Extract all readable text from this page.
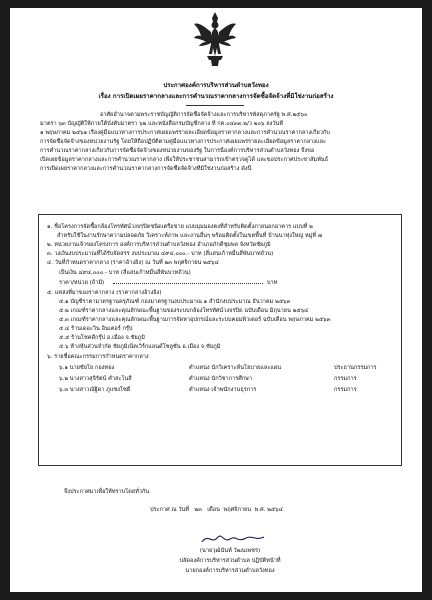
ประกาศองค์การบริหารส่วนตำบลวังทอง
เรื่อง การเปิดเผยราคากลางและการคำนวณราคากลางการจัดซื้อจัดจ้างที่มิใช่งานก่อสร้าง

อาศัยอำนาจตามพระราชบัญญัติการจัดซื้อจัดจ้างและการบริหารพัสดุภาครัฐ พ.ศ.๒๕๖๐

มาตรา ๖๓ บัญญัติให้ภายใต้บังคับมาตรา ๖๒ และหนังสือกรมบัญชีกลาง ที่ กค.๐๔๓๓.๒/ว ๒๐๖ ลงวันที่

๑ พฤษภาคม ๒๕๖๑ เรื่องคู่มือแนวทางการประกาศเผยแพร่รายละเอียดข้อมูลราคากลางและการคำนวณราคากลางเกี่ยวกับ

การจัดซื้อจัดจ้างของหน่วยงานรัฐ โดยให้ถือปฏิบัติตามคู่มือแนวทางการประกาศเผยแพร่รายละเอียดข้อมูลราคากลางและ

การคำนวณราคากลางเกี่ยวกับการจัดซื้อจัดจ้างของหน่วยงานของรัฐ ในการนี้องค์การบริหารส่วนตำบลวังทอง จึงขอ

เปิดเผยข้อมูลราคากลางและการคำนวณราคากลาง เพื่อให้ประชาชนสามารถเข้าตรวจดูได้ และขอประกาศประชาสัมพันธ์

การเปิดเผยราคากลางและการคำนวณราคากลางการจัดซื้อจัดจ้างที่มิใช่งานก่อสร้าง ดังนี้

๑. ชื่อโครงการจัดซื้อกล้องโทรทัศน์วงจรปิดชนิดเครือข่าย แบบมุมมองคงที่สำหรับติดตั้งภายนอกอาคาร แบบที่ ๒
สำหรับใช้ในงานรักษาความปลอดภัย วิเคราะห์ภาพ และงานอื่นๆ พร้อมติดตั้งในเขตพื้นที่ บ้านนาหุ่งใหญ่ หมู่ที่ ๗
๒. หน่วยงานเจ้าของโครงการ องค์การบริหารส่วนตำบลวังทอง อำเภอภักดีชุมพล จังหวัดชัยภูมิ
๓. วงเงินงบประมาณที่ได้รับจัดสรร งบประมาณ ๔๙๔,๐๐๐.- บาท (สี่แสนเก้าหมื่นสี่พันบาทถ้วน)
๔. วันที่กำหนดราคากลาง (ราคาอ้างอิง) ณ วันที่ ๒๓ พฤศจิกายน ๒๕๖๔
เป็นเงิน ๔๙๔,๐๐๐.- บาท (สี่แสนเก้าหมื่นสี่พันบาทถ้วน)
ราคา/หน่วย (ถ้ามี)	บาท
๕. แหล่งที่มาของราคากลาง (ราคากลางอ้างอิง)
๕.๑ บัญชีราคามาตรฐานครุภัณฑ์ กองมาตรฐานงบประมาณ ๑ สำนักงบประมาณ ธันวาคม ๒๕๖๓
๕.๒ เกณฑ์ราคากลางและคุณลักษณะพื้นฐานของระบบกล้องโทรทัศน์วงจรปิด ฉบับเดือน มิถุนายน ๒๕๖๔
๕.๓ เกณฑ์ราคากลางและคุณลักษณะพื้นฐานการจัดหาอุปกรณ์และระบบคอมพิวเตอร์ ฉบับเดือน พฤษภาคม ๒๕๖๓
๕.๔ ร้านเดอะวิน อินเตอร์ กรุ๊ป
๕.๕ ร้านโชคดีกรุ๊ป อ.เมือง จ.ชัยภูมิ
๕.๖ ห้างหุ้นส่วนจำกัด ชัยภูมิเน็ตเวิร์กแอนด์โซลูชั่น อ.เมือง จ.ชัยภูมิ
๖. รายชื่อคณะกรรมการกำหนดราคากลาง
๖.๑ นายชัยโย กองทอง	ตำแหน่ง นักวิเคราะห์นโยบายและแผน	ประธานกรรมการ
๖.๒ นางสาวสุจิรัตน์ คำสะโนสี	ตำแหน่ง นักวิชาการศึกษา	กรรมการ
๖.๓ นางสาวณัฐิดา ภูแซงโซดี	ตำแหน่ง เจ้าพนักงานธุรการ	กรรมการ
จึงประกาศมาเพื่อให้ทราบโดยทั่วกัน
ประกาศ ณ วันที่ ๒๓ เดือน พฤศจิกายน พ.ศ. ๒๕๖๔
(นายวุฒินันท์ วัฒนเพชร)
ปลัดองค์การบริหารส่วนตำบล ปฏิบัติหน้าที่
นายกองค์การบริหารส่วนตำบลวังทอง
